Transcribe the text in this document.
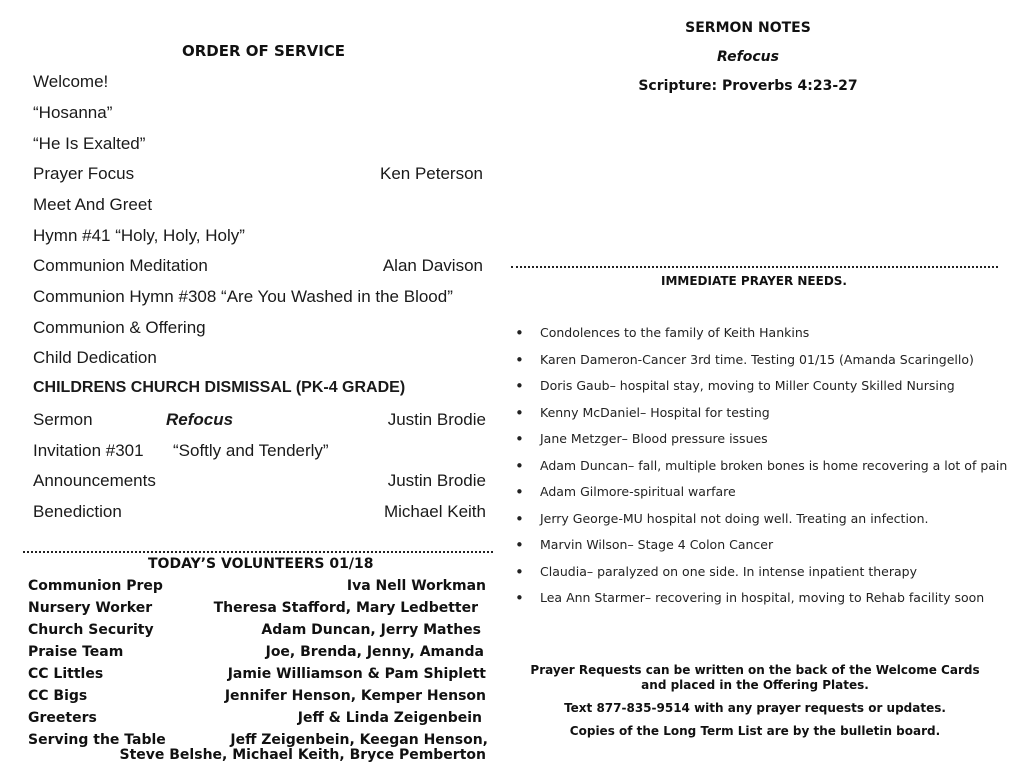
ORDER OF SERVICE
Welcome!
“Hosanna”
“He Is Exalted”
Prayer Focus	Ken Peterson
Meet And Greet
Hymn #41 “Holy, Holy, Holy”
Communion Meditation	Alan Davison
Communion Hymn #308 “Are You Washed in the Blood”
Communion & Offering
Child Dedication
CHILDRENS CHURCH DISMISSAL (PK-4 GRADE)
Sermon	Refocus	Justin Brodie
Invitation #301 “Softly and Tenderly”
Announcements	Justin Brodie
Benediction	Michael Keith
TODAY’S VOLUNTEERS 01/18
Communion Prep	Iva Nell Workman
Nursery Worker	Theresa Stafford, Mary Ledbetter
Church Security	Adam Duncan, Jerry Mathes
Praise Team	Joe, Brenda, Jenny, Amanda
CC Littles	Jamie Williamson & Pam Shiplett
CC Bigs	Jennifer Henson, Kemper Henson
Greeters	Jeff & Linda Zeigenbein
Serving the Table	Jeff Zeigenbein, Keegan Henson,
Steve Belshe, Michael Keith, Bryce Pemberton
SERMON NOTES
Refocus
Scripture: Proverbs 4:23-27
IMMEDIATE PRAYER NEEDS.
• Condolences to the family of Keith Hankins
• Karen Dameron-Cancer 3rd time. Testing 01/15 (Amanda Scaringello)
• Doris Gaub– hospital stay, moving to Miller County Skilled Nursing
• Kenny McDaniel– Hospital for testing
• Jane Metzger– Blood pressure issues
• Adam Duncan– fall, multiple broken bones is home recovering a lot of pain
• Adam Gilmore-spiritual warfare
• Jerry George-MU hospital not doing well. Treating an infection.
• Marvin Wilson– Stage 4 Colon Cancer
• Claudia– paralyzed on one side. In intense inpatient therapy
• Lea Ann Starmer– recovering in hospital, moving to Rehab facility soon
Prayer Requests can be written on the back of the Welcome Cards
and placed in the Offering Plates.
Text 877-835-9514 with any prayer requests or updates.
Copies of the Long Term List are by the bulletin board.
